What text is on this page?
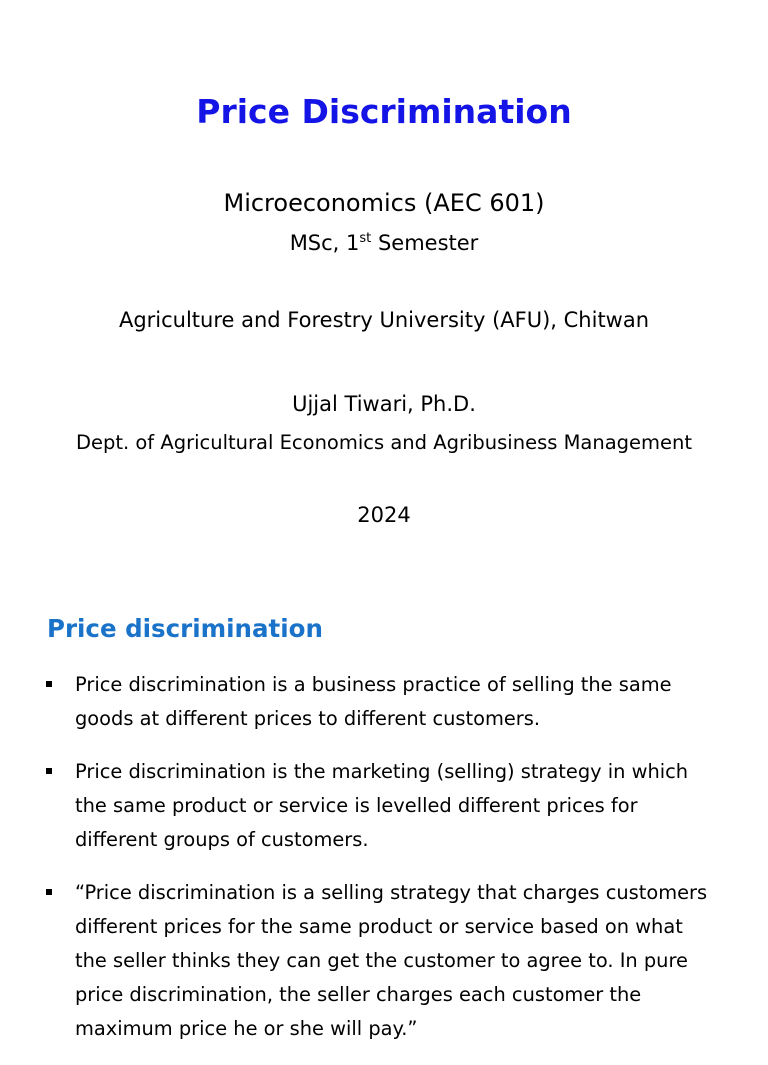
Price Discrimination
Microeconomics (AEC 601)
MSc, 1st Semester
Agriculture and Forestry University (AFU), Chitwan
Ujjal Tiwari, Ph.D.
Dept. of Agricultural Economics and Agribusiness Management
2024
Price discrimination
Price discrimination is a business practice of selling the same
goods at different prices to different customers.
Price discrimination is the marketing (selling) strategy in which
the same product or service is levelled different prices for
different groups of customers.
“Price discrimination is a selling strategy that charges customers
different prices for the same product or service based on what
the seller thinks they can get the customer to agree to. In pure
price discrimination, the seller charges each customer the
maximum price he or she will pay.”
